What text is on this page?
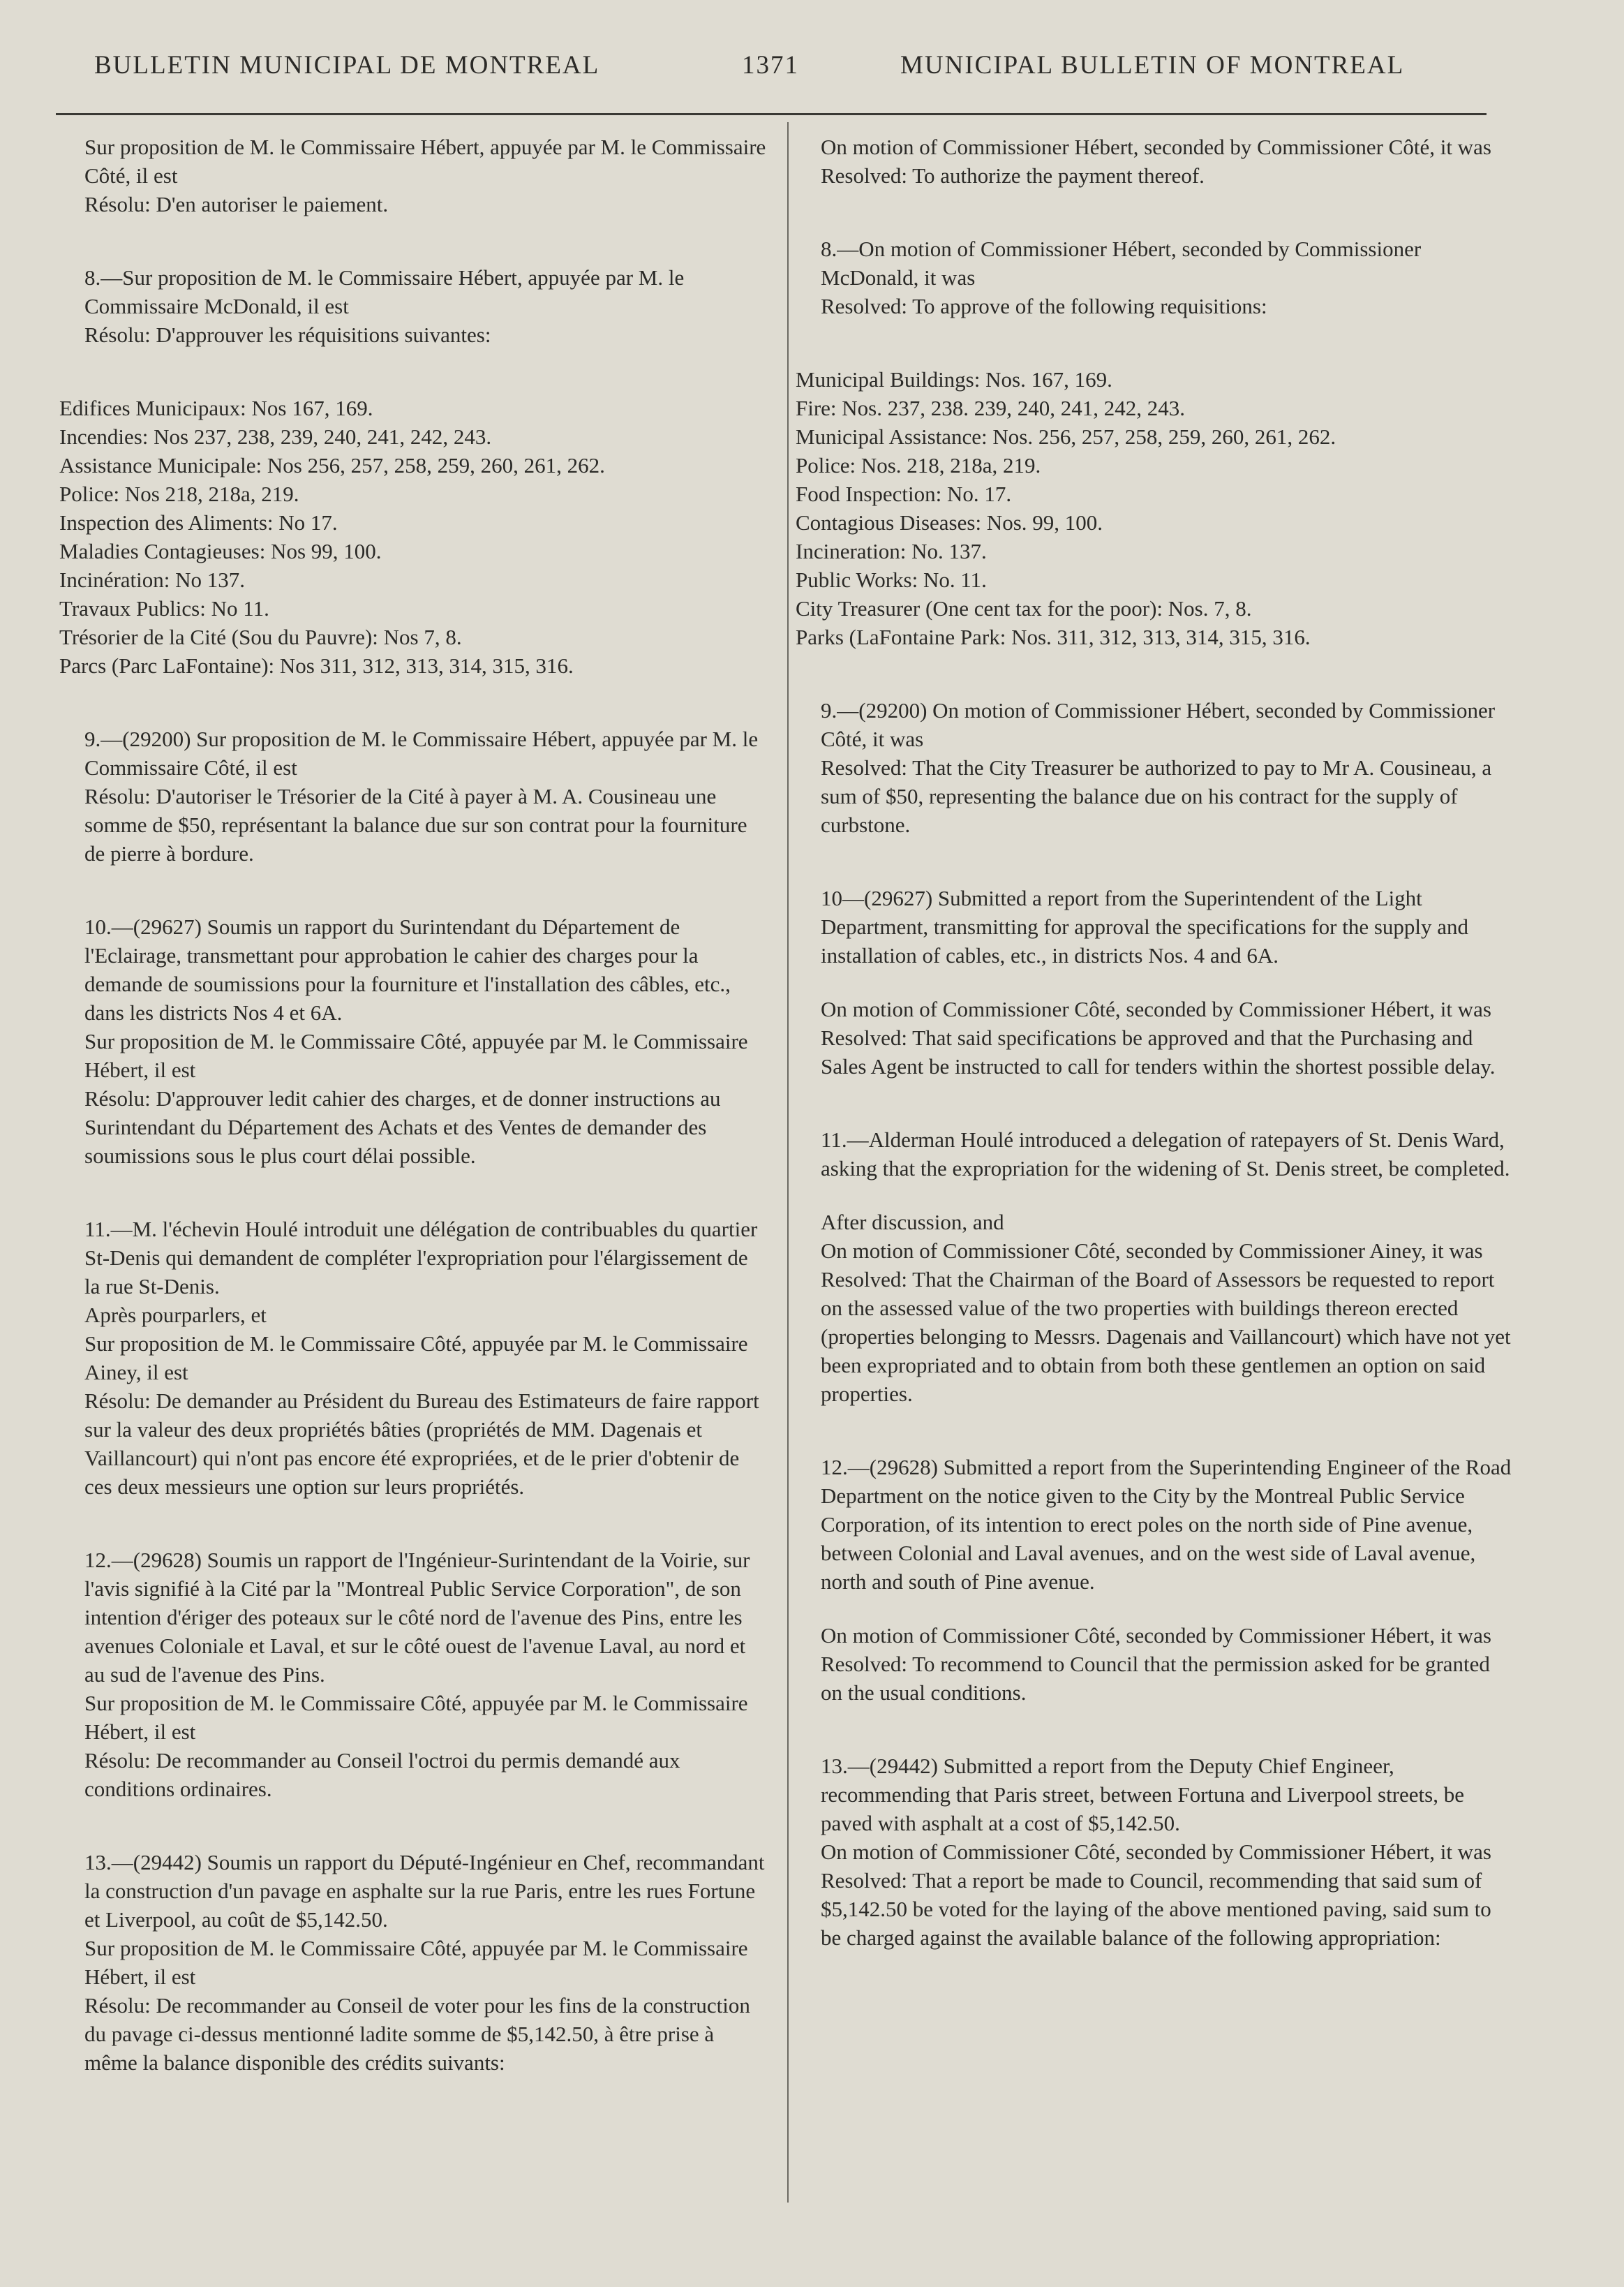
BULLETIN MUNICIPAL DE MONTREAL	1371	MUNICIPAL BULLETIN OF MONTREAL

Sur proposition de M. le Commissaire Hébert, appuyée par M. le Commissaire Côté, il est

Résolu: D'en autoriser le paiement.

8.—Sur proposition de M. le Commissaire Hébert, appuyée par M. le Commissaire McDonald, il est

Résolu: D'approuver les réquisitions suivantes:

Edifices Municipaux: Nos 167, 169.

Incendies: Nos 237, 238, 239, 240, 241, 242, 243.

Assistance Municipale: Nos 256, 257, 258, 259, 260, 261, 262.

Police: Nos 218, 218a, 219.

Inspection des Aliments: No 17.

Maladies Contagieuses: Nos 99, 100.

Incinération: No 137.

Travaux Publics: No 11.

Trésorier de la Cité (Sou du Pauvre): Nos 7, 8.

Parcs (Parc LaFontaine): Nos 311, 312, 313, 314, 315, 316.

9.—(29200) Sur proposition de M. le Commissaire Hébert, appuyée par M. le Commissaire Côté, il est

Résolu: D'autoriser le Trésorier de la Cité à payer à M. A. Cousineau une somme de $50, représentant la balance due sur son contrat pour la fourniture de pierre à bordure.

10.—(29627) Soumis un rapport du Surintendant du Département de l'Eclairage, transmettant pour approbation le cahier des charges pour la demande de soumissions pour la fourniture et l'installation des câbles, etc., dans les districts Nos 4 et 6A.

Sur proposition de M. le Commissaire Côté, appuyée par M. le Commissaire Hébert, il est

Résolu: D'approuver ledit cahier des charges, et de donner instructions au Surintendant du Département des Achats et des Ventes de demander des soumissions sous le plus court délai possible.

11.—M. l'échevin Houlé introduit une délégation de contribuables du quartier St-Denis qui demandent de compléter l'expropriation pour l'élargissement de la rue St-Denis.

Après pourparlers, et

Sur proposition de M. le Commissaire Côté, appuyée par M. le Commissaire Ainey, il est

Résolu: De demander au Président du Bureau des Estimateurs de faire rapport sur la valeur des deux propriétés bâties (propriétés de MM. Dagenais et Vaillancourt) qui n'ont pas encore été expropriées, et de le prier d'obtenir de ces deux messieurs une option sur leurs propriétés.

12.—(29628) Soumis un rapport de l'Ingénieur-Surintendant de la Voirie, sur l'avis signifié à la Cité par la "Montreal Public Service Corporation", de son intention d'ériger des poteaux sur le côté nord de l'avenue des Pins, entre les avenues Coloniale et Laval, et sur le côté ouest de l'avenue Laval, au nord et au sud de l'avenue des Pins.

Sur proposition de M. le Commissaire Côté, appuyée par M. le Commissaire Hébert, il est

Résolu: De recommander au Conseil l'octroi du permis demandé aux conditions ordinaires.

13.—(29442) Soumis un rapport du Député-Ingénieur en Chef, recommandant la construction d'un pavage en asphalte sur la rue Paris, entre les rues Fortune et Liverpool, au coût de $5,142.50.

Sur proposition de M. le Commissaire Côté, appuyée par M. le Commissaire Hébert, il est

Résolu: De recommander au Conseil de voter pour les fins de la construction du pavage ci-dessus mentionné ladite somme de $5,142.50, à être prise à même la balance disponible des crédits suivants:

On motion of Commissioner Hébert, seconded by Commissioner Côté, it was

Resolved: To authorize the payment thereof.

8.—On motion of Commissioner Hébert, seconded by Commissioner McDonald, it was

Resolved: To approve of the following requisitions:

Municipal Buildings: Nos. 167, 169.

Fire: Nos. 237, 238. 239, 240, 241, 242, 243.

Municipal Assistance: Nos. 256, 257, 258, 259, 260, 261, 262.

Police: Nos. 218, 218a, 219.

Food Inspection: No. 17.

Contagious Diseases: Nos. 99, 100.

Incineration: No. 137.

Public Works: No. 11.

City Treasurer (One cent tax for the poor): Nos. 7, 8.

Parks (LaFontaine Park: Nos. 311, 312, 313, 314, 315, 316.

9.—(29200) On motion of Commissioner Hébert, seconded by Commissioner Côté, it was

Resolved: That the City Treasurer be authorized to pay to Mr A. Cousineau, a sum of $50, representing the balance due on his contract for the supply of curbstone.

10—(29627) Submitted a report from the Superintendent of the Light Department, transmitting for approval the specifications for the supply and installation of cables, etc., in districts Nos. 4 and 6A.

On motion of Commissioner Côté, seconded by Commissioner Hébert, it was

Resolved: That said specifications be approved and that the Purchasing and Sales Agent be instructed to call for tenders within the shortest possible delay.

11.—Alderman Houlé introduced a delegation of ratepayers of St. Denis Ward, asking that the expropriation for the widening of St. Denis street, be completed.

After discussion, and

On motion of Commissioner Côté, seconded by Commissioner Ainey, it was

Resolved: That the Chairman of the Board of Assessors be requested to report on the assessed value of the two properties with buildings thereon erected (properties belonging to Messrs. Dagenais and Vaillancourt) which have not yet been expropriated and to obtain from both these gentlemen an option on said properties.

12.—(29628) Submitted a report from the Superintending Engineer of the Road Department on the notice given to the City by the Montreal Public Service Corporation, of its intention to erect poles on the north side of Pine avenue, between Colonial and Laval avenues, and on the west side of Laval avenue, north and south of Pine avenue.

On motion of Commissioner Côté, seconded by Commissioner Hébert, it was

Resolved: To recommend to Council that the permission asked for be granted on the usual conditions.

13.—(29442) Submitted a report from the Deputy Chief Engineer, recommending that Paris street, between Fortuna and Liverpool streets, be paved with asphalt at a cost of $5,142.50.

On motion of Commissioner Côté, seconded by Commissioner Hébert, it was

Resolved: That a report be made to Council, recommending that said sum of $5,142.50 be voted for the laying of the above mentioned paving, said sum to be charged against the available balance of the following appropriation:
